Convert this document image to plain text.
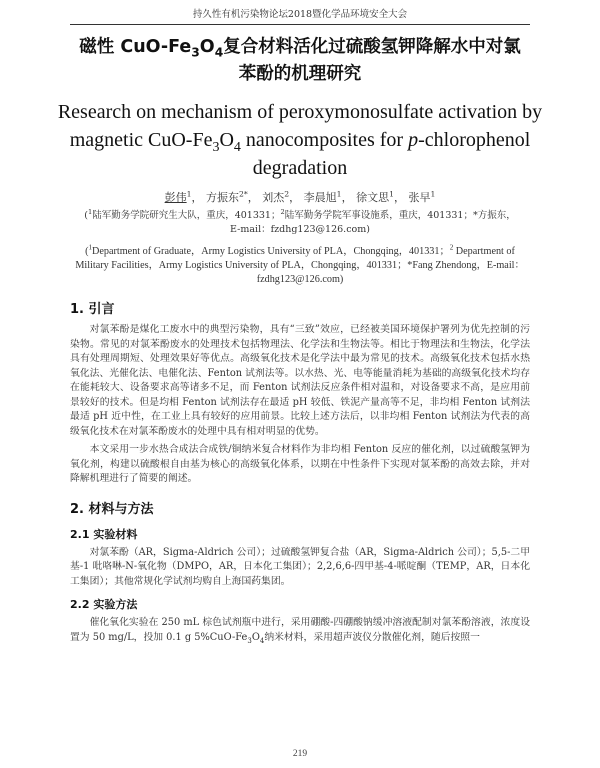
持久性有机污染物论坛2018暨化学品环境安全大会
磁性 CuO-$Fe_3O_4$复合材料活化过硫酸氢钾降解水中对氯
苯酚的机理研究
Research on mechanism of peroxymonosulfate activation by
magnetic CuO-$Fe_3O_4$ nanocomposites for p-chlorophenol
degradation
彭伟$^1$， 方振东$^{2*}$， 刘杰$^2$， 李晨旭$^1$， 徐文思$^1$， 张早$^1$
($^1$陆军勤务学院研究生大队，重庆，401331；$^2$陆军勤务学院军事设施系，重庆，401331；*方振东，E-mail：fzdhg123@126.com)
($^1$Department of Graduate，Army Logistics University of PLA，Chongqing，401331；$^2$ Department of Military Facilities，Army Logistics University of PLA，Chongqing，401331；*Fang Zhendong，E-mail：fzdhg123@126.com)
1. 引言
对氯苯酚是煤化工废水中的典型污染物，具有“三致”效应，已经被美国环境保护署列为优先控制的污染物。常见的对氯苯酚废水的处理技术包括物理法、化学法和生物法等。相比于物理法和生物法，化学法具有处理周期短、处理效果好等优点。高级氧化技术是化学法中最为常见的技术。高级氧化技术包括水热氧化法、光催化法、电催化法、Fenton 试剂法等。以水热、光、电等能量消耗为基础的高级氧化技术均存在能耗较大、设备要求高等诸多不足，而 Fenton 试剂法反应条件相对温和，对设备要求不高，是应用前景较好的技术。但是均相 Fenton 试剂法存在最适 pH 较低、铁泥产量高等不足，非均相 Fenton 试剂法最适 pH 近中性，在工业上具有较好的应用前景。比较上述方法后，以非均相 Fenton 试剂法为代表的高级氧化技术在对氯苯酚废水的处理中具有相对明显的优势。
本文采用一步水热合成法合成铁/铜纳米复合材料作为非均相 Fenton 反应的催化剂，以过硫酸氢钾为氧化剂，构建以硫酸根自由基为核心的高级氧化体系，以期在中性条件下实现对氯苯酚的高效去除，并对降解机理进行了简要的阐述。
2. 材料与方法
2.1 实验材料
对氯苯酚（AR，Sigma-Aldrich 公司）；过硫酸氢钾复合盐（AR，Sigma-Aldrich 公司）；5,5-二甲基-1 吡咯啉-N-氧化物（DMPO，AR，日本化工集团）；2,2,6,6-四甲基-4-哌啶酮（TEMP，AR，日本化工集团）；其他常规化学试剂均购自上海国药集团。
2.2 实验方法
催化氧化实验在 250 mL 棕色试剂瓶中进行，采用硼酸-四硼酸钠缓冲溶液配制对氯苯酚溶液，浓度设置为 50 mg/L，投加 0.1 g $5\%CuO-Fe_3O_4$纳米材料，采用超声波仪分散催化剂，随后按照一
219
